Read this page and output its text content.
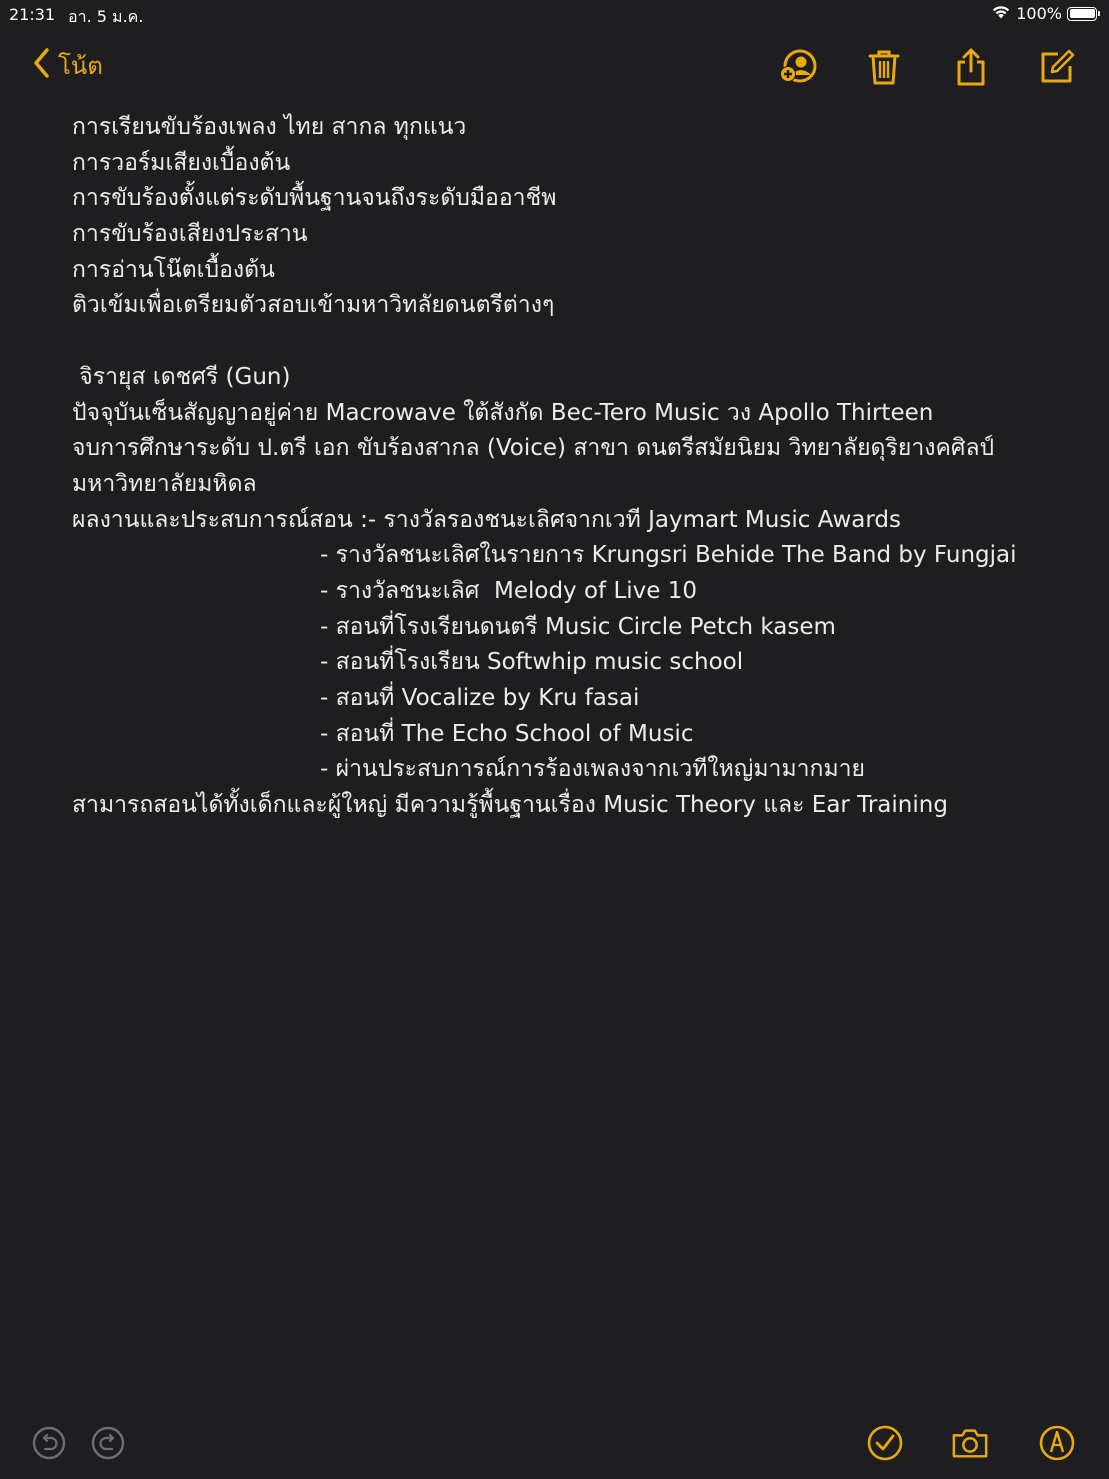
21:31 อา. 5 ม.ค.	100%
โน้ต
การเรียนขับร้องเพลง ไทย สากล ทุกแนว
การวอร์มเสียงเบื้องต้น
การขับร้องตั้งแต่ระดับพื้นฐานจนถึงระดับมืออาชีพ
การขับร้องเสียงประสาน
การอ่านโน๊ตเบื้องต้น
ติวเข้มเพื่อเตรียมตัวสอบเข้ามหาวิทลัยดนตรีต่างๆ
จิรายุส เดชศรี (Gun)
ปัจจุบันเซ็นสัญญาอยู่ค่าย Macrowave ใต้สังกัด Bec-Tero Music วง Apollo Thirteen
จบการศึกษาระดับ ป.ตรี เอก ขับร้องสากล (Voice) สาขา ดนตรีสมัยนิยม วิทยาลัยดุริยางคศิลป์
มหาวิทยาลัยมหิดล
ผลงานและประสบการณ์สอน :- รางวัลรองชนะเลิศจากเวที Jaymart Music Awards
- รางวัลชนะเลิศในรายการ Krungsri Behide The Band by Fungjai
- รางวัลชนะเลิศ  Melody of Live 10
- สอนที่โรงเรียนดนตรี Music Circle Petch kasem
- สอนที่โรงเรียน Softwhip music school
- สอนที่ Vocalize by Kru fasai
- สอนที่ The Echo School of Music
- ผ่านประสบการณ์การร้องเพลงจากเวทีใหญ่มามากมาย
สามารถสอนได้ทั้งเด็กและผู้ใหญ่ มีความรู้พื้นฐานเรื่อง Music Theory และ Ear Training
